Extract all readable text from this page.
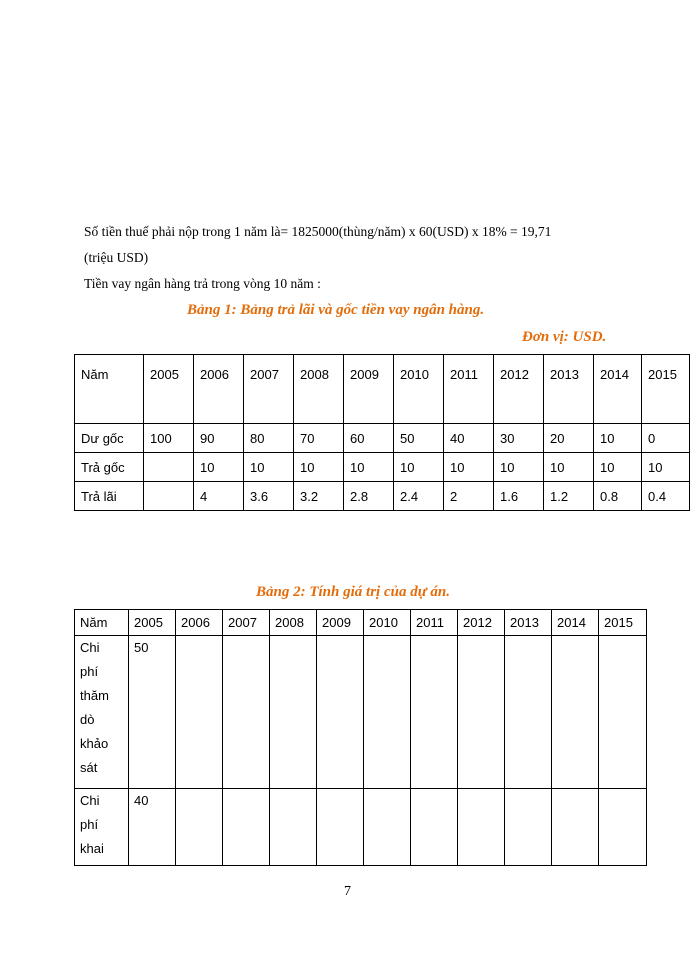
Số tiền thuế phải nộp trong 1 năm là= 1825000(thùng/năm) x 60(USD) x 18% = 19,71
(triệu USD)
Tiền vay ngân hàng trả trong vòng 10 năm :
Bảng 1: Bảng trả lãi và gốc tiền vay ngân hàng.
Đơn vị: USD.
Năm	2005	2006	2007	2008	2009	2010	2011	2012	2013	2014	2015

Dư gốc	100	90	80	70	60	50	40	30	20	10	0
Trả gốc		10	10	10	10	10	10	10	10	10	10
Trả lãi		4	3.6	3.2	2.8	2.4	2	1.6	1.2	0.8	0.4
Bảng 2: Tính giá trị của dự án.
Năm	2005	2006	2007	2008	2009	2010	2011	2012	2013	2014	2015
Chi phí thăm dò khảo sát	50										
Chi phí khai	40										
7
